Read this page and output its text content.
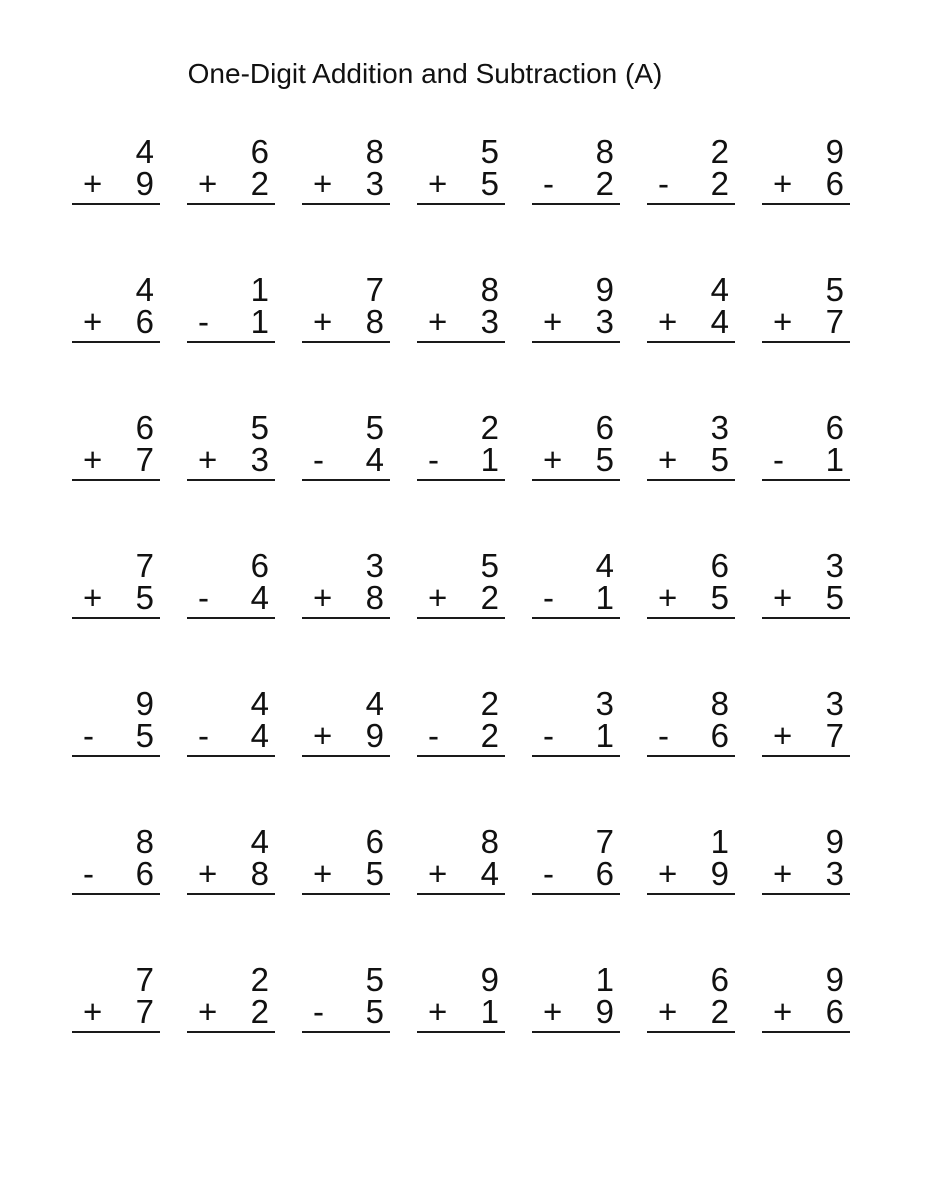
One-Digit Addition and Subtraction (A)
4
+ 9
6
+ 2
8
+ 3
5
+ 5
8
- 2
2
- 2
9
+ 6
4
+ 6
1
- 1
7
+ 8
8
+ 3
9
+ 3
4
+ 4
5
+ 7
6
+ 7
5
+ 3
5
- 4
2
- 1
6
+ 5
3
+ 5
6
- 1
7
+ 5
6
- 4
3
+ 8
5
+ 2
4
- 1
6
+ 5
3
+ 5
9
- 5
4
- 4
4
+ 9
2
- 2
3
- 1
8
- 6
3
+ 7
8
- 6
4
+ 8
6
+ 5
8
+ 4
7
- 6
1
+ 9
9
+ 3
7
+ 7
2
+ 2
5
- 5
9
+ 1
1
+ 9
6
+ 2
9
+ 6
